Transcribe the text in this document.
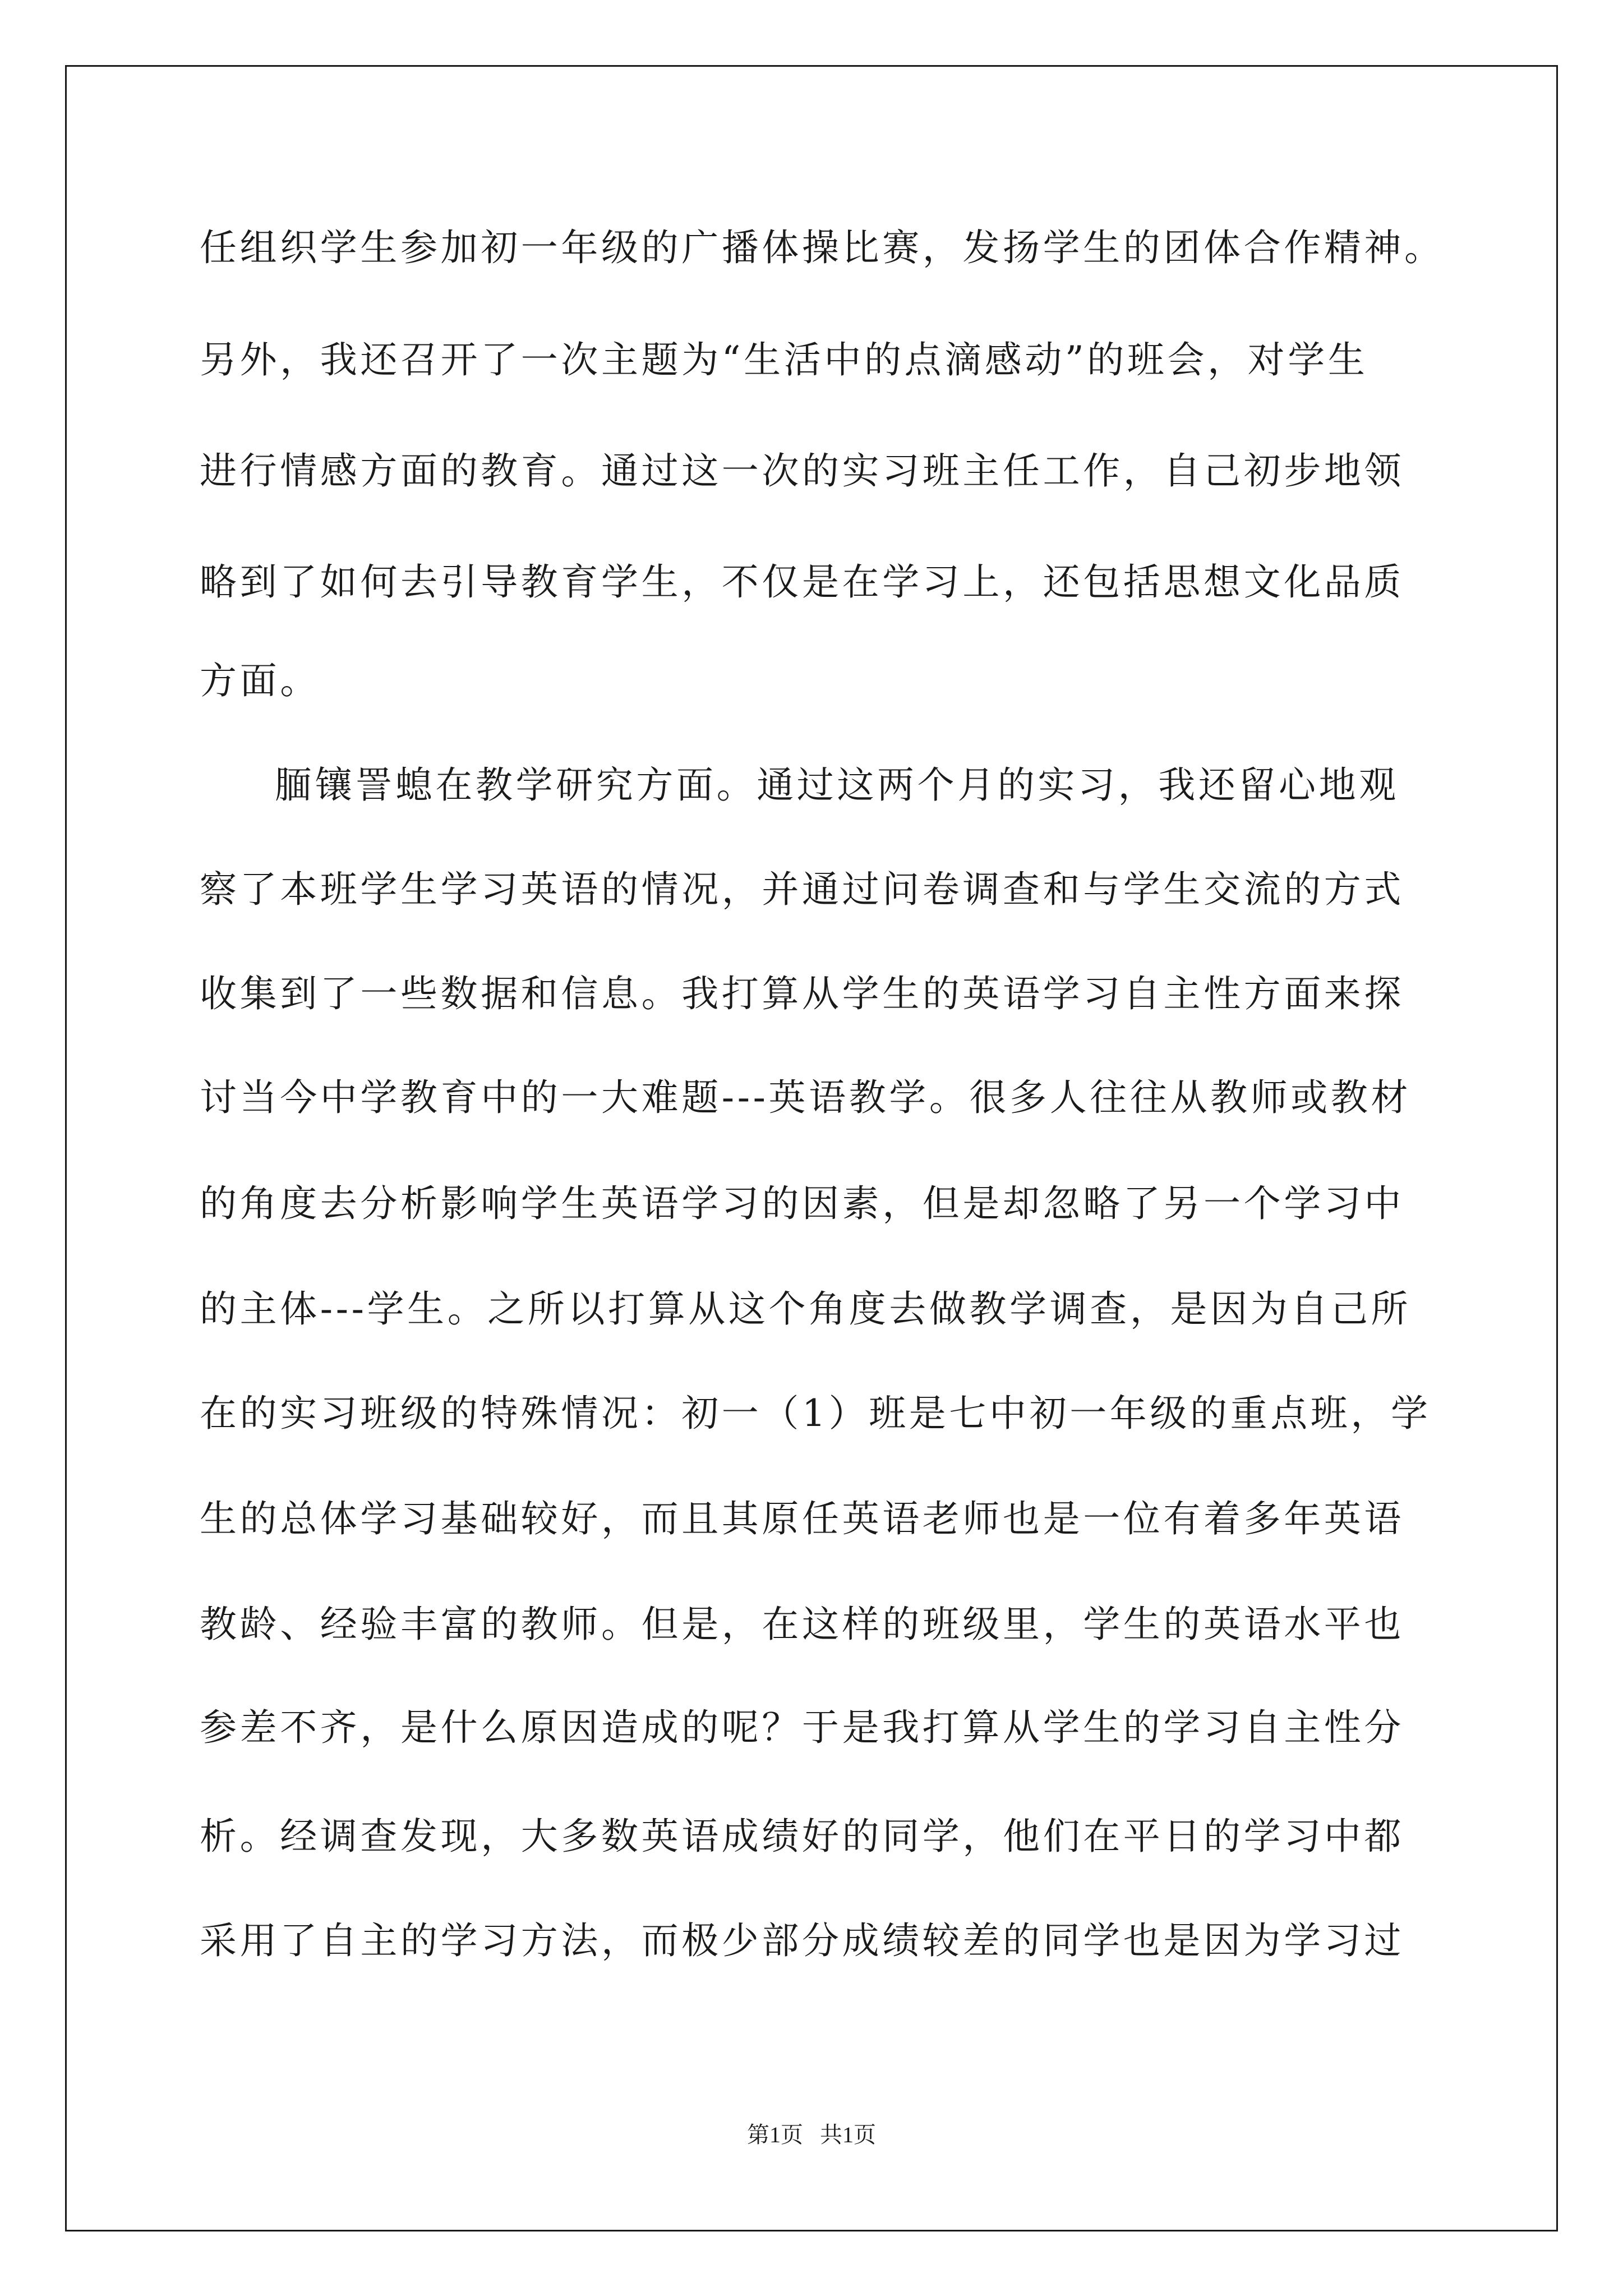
任组织学生参加初一年级的广播体操比赛，发扬学生的团体合作精神。

另外，我还召开了一次主题为“生活中的点滴感动”的班会，对学生

进行情感方面的教育。通过这一次的实习班主任工作，自己初步地领

略到了如何去引导教育学生，不仅是在学习上，还包括思想文化品质

方面。

腼镶詈螅在教学研究方面。通过这两个月的实习，我还留心地观

察了本班学生学习英语的情况，并通过问卷调查和与学生交流的方式

收集到了一些数据和信息。我打算从学生的英语学习自主性方面来探

讨当今中学教育中的一大难题---英语教学。很多人往往从教师或教材

的角度去分析影响学生英语学习的因素，但是却忽略了另一个学习中

的主体---学生。之所以打算从这个角度去做教学调查，是因为自己所

在的实习班级的特殊情况：初一（1）班是七中初一年级的重点班，学

生的总体学习基础较好，而且其原任英语老师也是一位有着多年英语

教龄、经验丰富的教师。但是，在这样的班级里，学生的英语水平也

参差不齐，是什么原因造成的呢？于是我打算从学生的学习自主性分

析。经调查发现，大多数英语成绩好的同学，他们在平日的学习中都

采用了自主的学习方法，而极少部分成绩较差的同学也是因为学习过

第1页   共1页
